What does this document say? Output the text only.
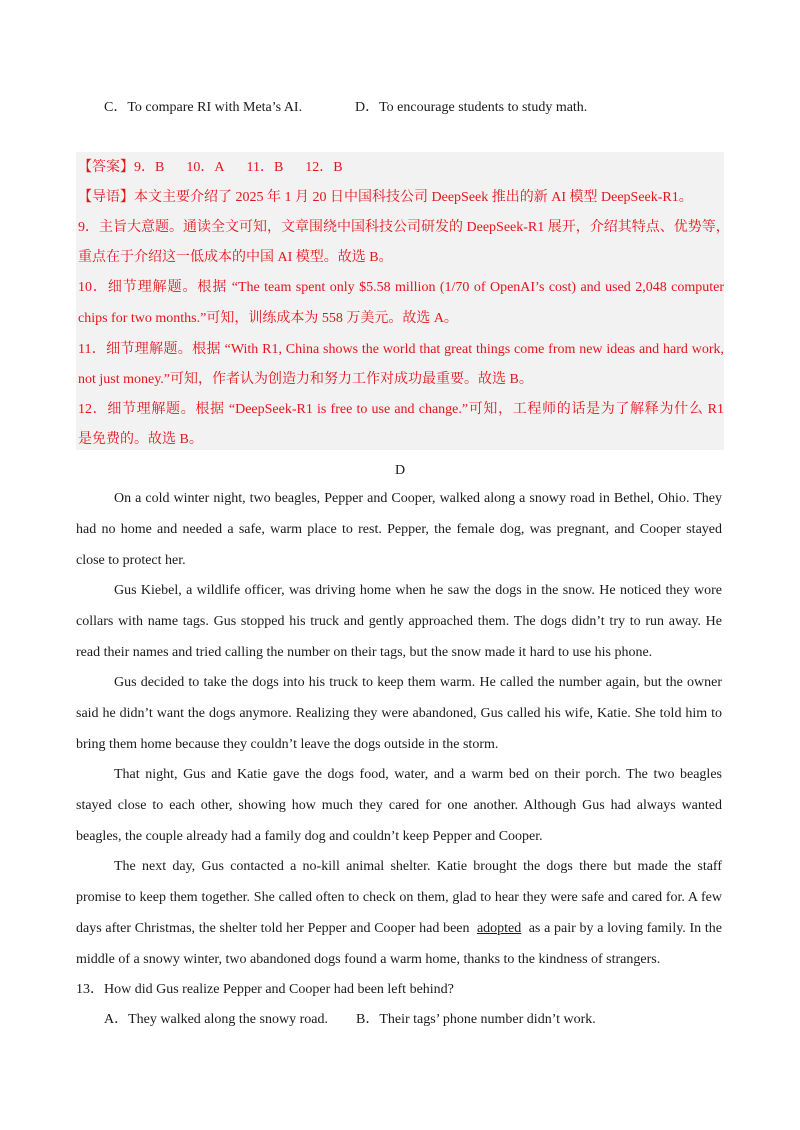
C．To compare RI with Meta’s AI.	D．To encourage students to study math.
【答案】9．B 10．A 11．B 12．B
【导语】本文主要介绍了 2025 年 1 月 20 日中国科技公司 DeepSeek 推出的新 AI 模型 DeepSeek-R1。
9．主旨大意题。通读全文可知，文章围绕中国科技公司研发的 DeepSeek-R1 展开，介绍其特点、优势等，
重点在于介绍这一低成本的中国 AI 模型。故选 B。
10．细节理解题。根据 “The team spent only $5.58 million (1/70 of OpenAI’s cost) and used 2,048 computer
chips for two months.”可知，训练成本为 558 万美元。故选 A。
11．细节理解题。根据 “With R1, China shows the world that great things come from new ideas and hard work,
not just money.”可知，作者认为创造力和努力工作对成功最重要。故选 B。
12．细节理解题。根据 “DeepSeek-R1 is free to use and change.”可知，工程师的话是为了解释为什么 R1
是免费的。故选 B。
D
On a cold winter night, two beagles, Pepper and Cooper, walked along a snowy road in Bethel, Ohio. They
had no home and needed a safe, warm place to rest. Pepper, the female dog, was pregnant, and Cooper stayed
close to protect her.
Gus Kiebel, a wildlife officer, was driving home when he saw the dogs in the snow. He noticed they wore
collars with name tags. Gus stopped his truck and gently approached them. The dogs didn’t try to run away. He
read their names and tried calling the number on their tags, but the snow made it hard to use his phone.
Gus decided to take the dogs into his truck to keep them warm. He called the number again, but the owner
said he didn’t want the dogs anymore. Realizing they were abandoned, Gus called his wife, Katie. She told him to
bring them home because they couldn’t leave the dogs outside in the storm.
That night, Gus and Katie gave the dogs food, water, and a warm bed on their porch. The two beagles
stayed close to each other, showing how much they cared for one another. Although Gus had always wanted
beagles, the couple already had a family dog and couldn’t keep Pepper and Cooper.
The next day, Gus contacted a no-kill animal shelter. Katie brought the dogs there but made the staff
promise to keep them together. She called often to check on them, glad to hear they were safe and cared for. A few
days after Christmas, the shelter told her Pepper and Cooper had been adopted as a pair by a loving family. In the
middle of a snowy winter, two abandoned dogs found a warm home, thanks to the kindness of strangers.
13．How did Gus realize Pepper and Cooper had been left behind?
A．They walked along the snowy road. B．Their tags’ phone number didn’t work.
